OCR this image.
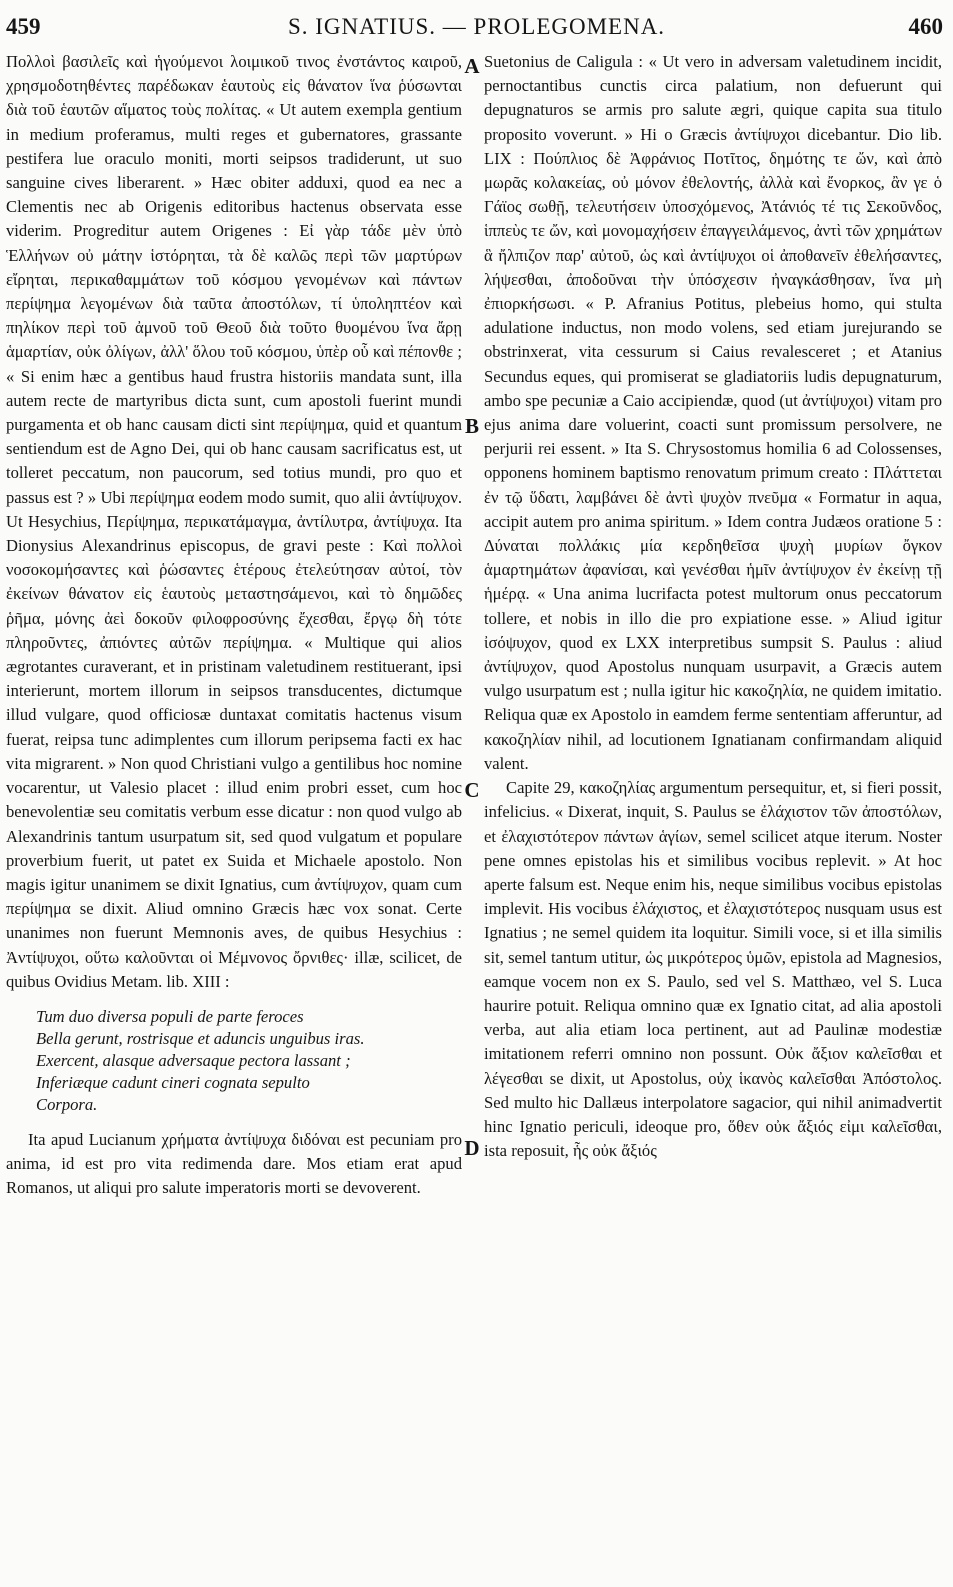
459	S. IGNATIUS. — PROLEGOMENA.	460

Πολλοὶ βασιλεῖς καὶ ἡγούμενοι λοιμικοῦ τινος ἐνστάντος καιροῦ, χρησμοδοτηθέντες παρέδωκαν ἑαυτοὺς εἰς θάνατον ἵνα ῥύσωνται διὰ τοῦ ἑαυτῶν αἵματος τοὺς πολίτας. « Ut autem exempla gentium in medium proferamus, multi reges et gubernatores, grassante pestifera lue oraculo moniti, morti seipsos tradiderunt, ut suo sanguine cives liberarent. » Hæc obiter adduxi, quod ea nec a Clementis nec ab Origenis editoribus hactenus observata esse viderim. Progreditur autem Origenes : Εἰ γὰρ τάδε μὲν ὑπὸ Ἑλλήνων οὐ μάτην ἱστόρηται, τὰ δὲ καλῶς περὶ τῶν μαρτύρων εἴρηται, περικαθαμμάτων τοῦ κόσμου γενομένων καὶ πάντων περίψημα λεγομένων διὰ ταῦτα ἀποστόλων, τί ὑποληπτέον καὶ πηλίκον περὶ τοῦ ἀμνοῦ τοῦ Θεοῦ διὰ τοῦτο θυομένου ἵνα ἄρῃ ἁμαρτίαν, οὐκ ὀλίγων, ἀλλ' ὅλου τοῦ κόσμου, ὑπὲρ οὗ καὶ πέπονθε ; « Si enim hæc a gentibus haud frustra historiis mandata sunt, illa autem recte de martyribus dicta sunt, cum apostoli fuerint mundi purgamenta et ob hanc causam dicti sint περίψημα, quid et quantum sentiendum est de Agno Dei, qui ob hanc causam sacrificatus est, ut tolleret peccatum, non paucorum, sed totius mundi, pro quo et passus est ? » Ubi περίψημα eodem modo sumit, quo alii ἀντίψυχον. Ut Hesychius, Περίψημα, περικατάμαγμα, ἀντίλυτρα, ἀντίψυχα. Ita Dionysius Alexandrinus episcopus, de gravi peste : Καὶ πολλοὶ νοσοκομήσαντες καὶ ῥώσαντες ἑτέρους ἐτελεύτησαν αὐτοί, τὸν ἐκείνων θάνατον εἰς ἑαυτοὺς μεταστησάμενοι, καὶ τὸ δημῶδες ῥῆμα, μόνης ἀεὶ δοκοῦν φιλοφροσύνης ἔχεσθαι, ἔργῳ δὴ τότε πληροῦντες, ἀπιόντες αὐτῶν περίψημα. « Multique qui alios ægrotantes curaverant, et in pristinam valetudinem restituerant, ipsi interierunt, mortem illorum in seipsos transducentes, dictumque illud vulgare, quod officiosæ duntaxat comitatis hactenus visum fuerat, reipsa tunc adimplentes cum illorum peripsema facti ex hac vita migrarent. » Non quod Christiani vulgo a gentilibus hoc nomine vocarentur, ut Valesio placet : illud enim probri esset, cum hoc benevolentiæ seu comitatis verbum esse dicatur : non quod vulgo ab Alexandrinis tantum usurpatum sit, sed quod vulgatum et populare proverbium fuerit, ut patet ex Suida et Michaele apostolo. Non magis igitur unanimem se dixit Ignatius, cum ἀντίψυχον, quam cum περίψημα se dixit. Aliud omnino Græcis hæc vox sonat. Certe unanimes non fuerunt Memnonis aves, de quibus Hesychius : Ἀντίψυχοι, οὕτω καλοῦνται οἱ Μέμνονος ὄρνιθες· illæ, scilicet, de quibus Ovidius Metam. lib. XIII :

Tum duo diversa populi de parte feroces
Bella gerunt, rostrisque et aduncis unguibus iras.
Exercent, alasque adversaque pectora lassant ;
Inferiæque cadunt cineri cognata sepulto
Corpora.

Ita apud Lucianum χρήματα ἀντίψυχα διδόναι est pecuniam pro anima, id est pro vita redimenda dare. Mos etiam erat apud Romanos, ut aliqui pro salute imperatoris morti se devoverent.

A
B
C
D

Suetonius de Caligula : « Ut vero in adversam valetudinem incidit, pernoctantibus cunctis circa palatium, non defuerunt qui depugnaturos se armis pro salute ægri, quique capita sua titulo proposito voverunt. » Hi o Græcis ἀντίψυχοι dicebantur. Dio lib. LIX : Πούπλιος δὲ Ἀφράνιος Ποτῖτος, δημότης τε ὤν, καὶ ἀπὸ μωρᾶς κολακείας, οὐ μόνον ἐθελοντής, ἀλλὰ καὶ ἔνορκος, ἂν γε ὁ Γάϊος σωθῇ, τελευτήσειν ὑποσχόμενος, Ἀτάνιός τέ τις Σεκοῦνδος, ἱππεὺς τε ὤν, καὶ μονομαχήσειν ἐπαγγειλάμενος, ἀντὶ τῶν χρημάτων ἃ ἤλπιζον παρ' αὐτοῦ, ὡς καὶ ἀντίψυχοι οἱ ἀποθανεῖν ἐθελήσαντες, λήψεσθαι, ἀποδοῦναι τὴν ὑπόσχεσιν ἠναγκάσθησαν, ἵνα μὴ ἐπιορκήσωσι. « P. Afranius Potitus, plebeius homo, qui stulta adulatione inductus, non modo volens, sed etiam jurejurando se obstrinxerat, vita cessurum si Caius revalesceret ; et Atanius Secundus eques, qui promiserat se gladiatoriis ludis depugnaturum, ambo spe pecuniæ a Caio accipiendæ, quod (ut ἀντίψυχοι) vitam pro ejus anima dare voluerint, coacti sunt promissum persolvere, ne perjurii rei essent. » Ita S. Chrysostomus homilia 6 ad Colossenses, opponens hominem baptismo renovatum primum creato : Πλάττεται ἐν τῷ ὕδατι, λαμβάνει δὲ ἀντὶ ψυχὸν πνεῦμα « Formatur in aqua, accipit autem pro anima spiritum. » Idem contra Judæos oratione 5 : Δύναται πολλάκις μία κερδηθεῖσα ψυχὴ μυρίων ὄγκον ἁμαρτημάτων ἀφανίσαι, καὶ γενέσθαι ἡμῖν ἀντίψυχον ἐν ἐκείνῃ τῇ ἡμέρᾳ. « Una anima lucrifacta potest multorum onus peccatorum tollere, et nobis in illo die pro expiatione esse. » Aliud igitur ἰσόψυχον, quod ex LXX interpretibus sumpsit S. Paulus : aliud ἀντίψυχον, quod Apostolus nunquam usurpavit, a Græcis autem vulgo usurpatum est ; nulla igitur hic κακοζηλία, ne quidem imitatio. Reliqua quæ ex Apostolo in eamdem ferme sententiam afferuntur, ad κακοζηλίαν nihil, ad locutionem Ignatianam confirmandam aliquid valent.

Capite 29, κακοζηλίας argumentum persequitur, et, si fieri possit, infelicius. « Dixerat, inquit, S. Paulus se ἐλάχιστον τῶν ἀποστόλων, et ἐλαχιστότερον πάντων ἁγίων, semel scilicet atque iterum. Noster pene omnes epistolas his et similibus vocibus replevit. » At hoc aperte falsum est. Neque enim his, neque similibus vocibus epistolas implevit. His vocibus ἐλάχιστος, et ἐλαχιστότερος nusquam usus est Ignatius ; ne semel quidem ita loquitur. Simili voce, si et illa similis sit, semel tantum utitur, ὡς μικρότερος ὑμῶν, epistola ad Magnesios, eamque vocem non ex S. Paulo, sed vel S. Matthæo, vel S. Luca haurire potuit. Reliqua omnino quæ ex Ignatio citat, ad alia apostoli verba, aut alia etiam loca pertinent, aut ad Paulinæ modestiæ imitationem referri omnino non possunt. Οὐκ ἄξιον καλεῖσθαι et λέγεσθαι se dixit, ut Apostolus, οὐχ ἱκανὸς καλεῖσθαι Ἀπόστολος. Sed multo hic Dallæus interpolatore sagacior, qui nihil animadvertit hinc Ignatio periculi, ideoque pro, ὅθεν οὐκ ἄξιός εἰμι καλεῖσθαι, ista reposuit, ἧς οὐκ ἄξιός
